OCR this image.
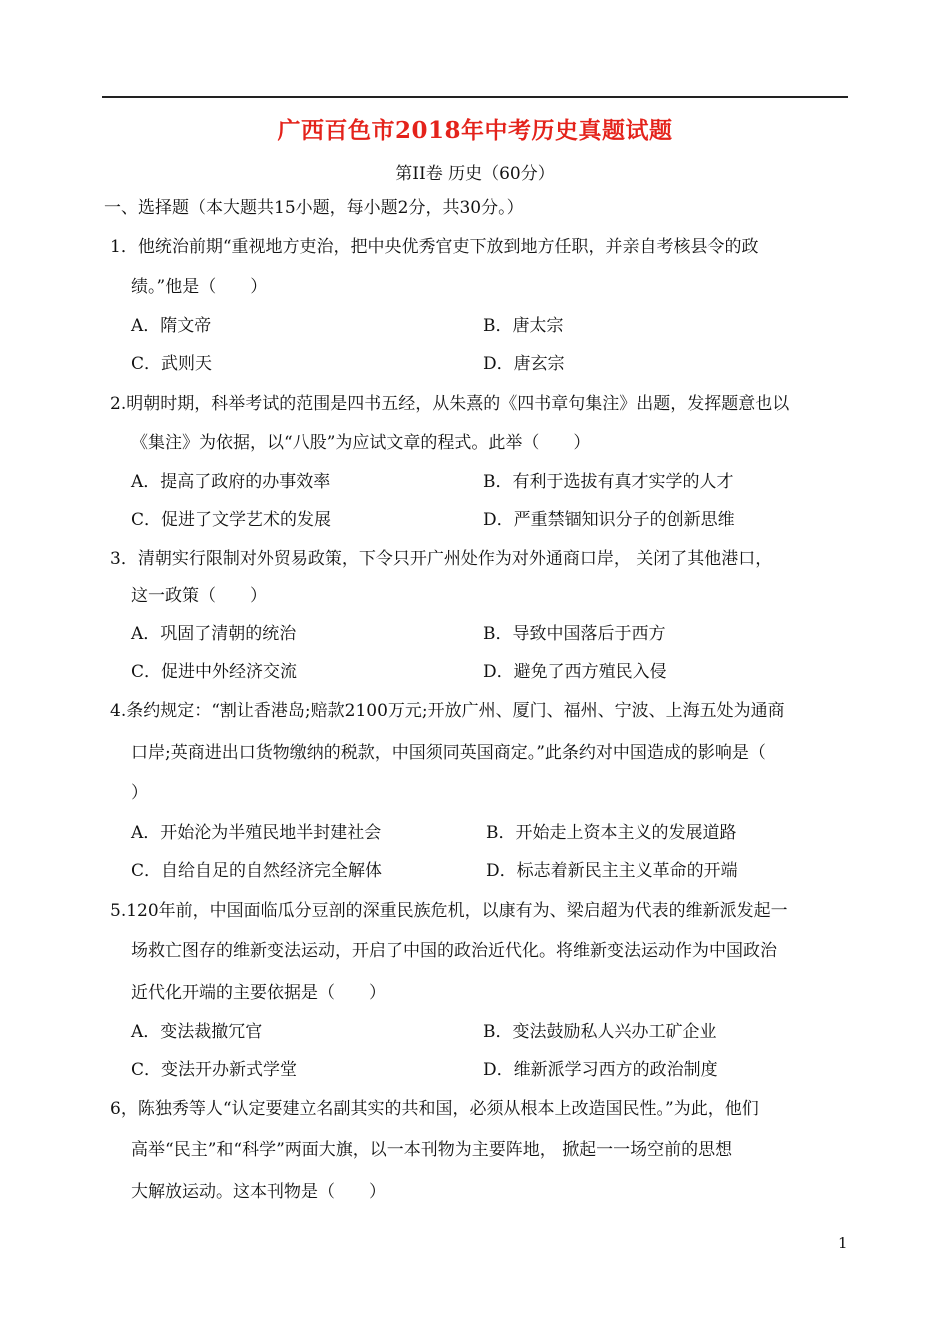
广西百色市2018年中考历史真题试题
第II卷 历史（60分）
一、选择题（本大题共15小题，每小题2分，共30分。）
1．他统治前期“重视地方吏治，把中央优秀官吏下放到地方任职，并亲自考核县令的政
绩。”他是（　　）
A．隋文帝	B．唐太宗
C．武则天	D．唐玄宗
2.明朝时期，科举考试的范围是四书五经，从朱熹的《四书章句集注》出题，发挥题意也以
《集注》为依据，以“八股”为应试文章的程式。此举（　　）
A．提高了政府的办事效率	B．有利于选拔有真才实学的人才
C．促进了文学艺术的发展	D．严重禁锢知识分子的创新思维
3．清朝实行限制对外贸易政策，下令只开广州处作为对外通商口岸， 关闭了其他港口，
这一政策（　　）
A．巩固了清朝的统治	B．导致中国落后于西方
C．促进中外经济交流	D．避免了西方殖民入侵
4.条约规定：“割让香港岛;赔款2100万元;开放广州、厦门、福州、宁波、上海五处为通商
口岸;英商进出口货物缴纳的税款，中国须同英国商定。”此条约对中国造成的影响是（
）
A．开始沦为半殖民地半封建社会	B．开始走上资本主义的发展道路
C．自给自足的自然经济完全解体	D．标志着新民主主义革命的开端
5.120年前，中国面临瓜分豆剖的深重民族危机，以康有为、梁启超为代表的维新派发起一
场救亡图存的维新变法运动，开启了中国的政治近代化。将维新变法运动作为中国政治
近代化开端的主要依据是（　　）
A．变法裁撤冗官	B．变法鼓励私人兴办工矿企业
C．变法开办新式学堂	D．维新派学习西方的政治制度
6，陈独秀等人“认定要建立名副其实的共和国，必须从根本上改造国民性。”为此，他们
高举“民主”和“科学”两面大旗，以一本刊物为主要阵地， 掀起一一场空前的思想
大解放运动。这本刊物是（　　）
1
